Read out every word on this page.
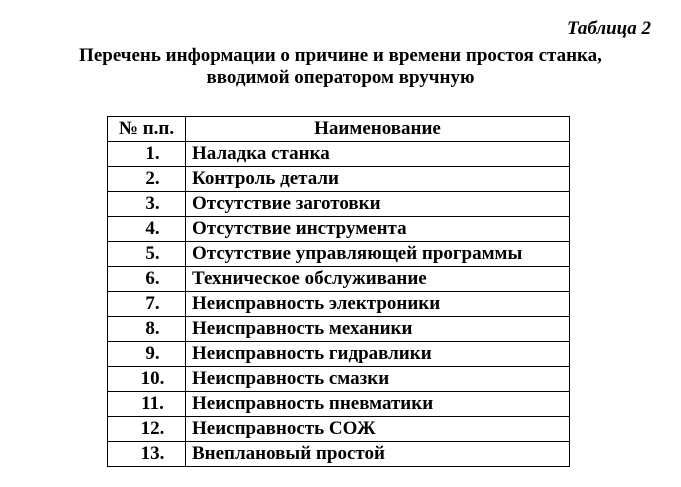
Таблица 2
Перечень информации о причине и времени простоя станка,
вводимой оператором вручную
№ п.п.	Наименование
1.	Наладка станка
2.	Контроль детали
3.	Отсутствие заготовки
4.	Отсутствие инструмента
5.	Отсутствие управляющей программы
6.	Техническое обслуживание
7.	Неисправность электроники
8.	Неисправность механики
9.	Неисправность гидравлики
10.	Неисправность смазки
11.	Неисправность пневматики
12.	Неисправность СОЖ
13.	Внеплановый простой
